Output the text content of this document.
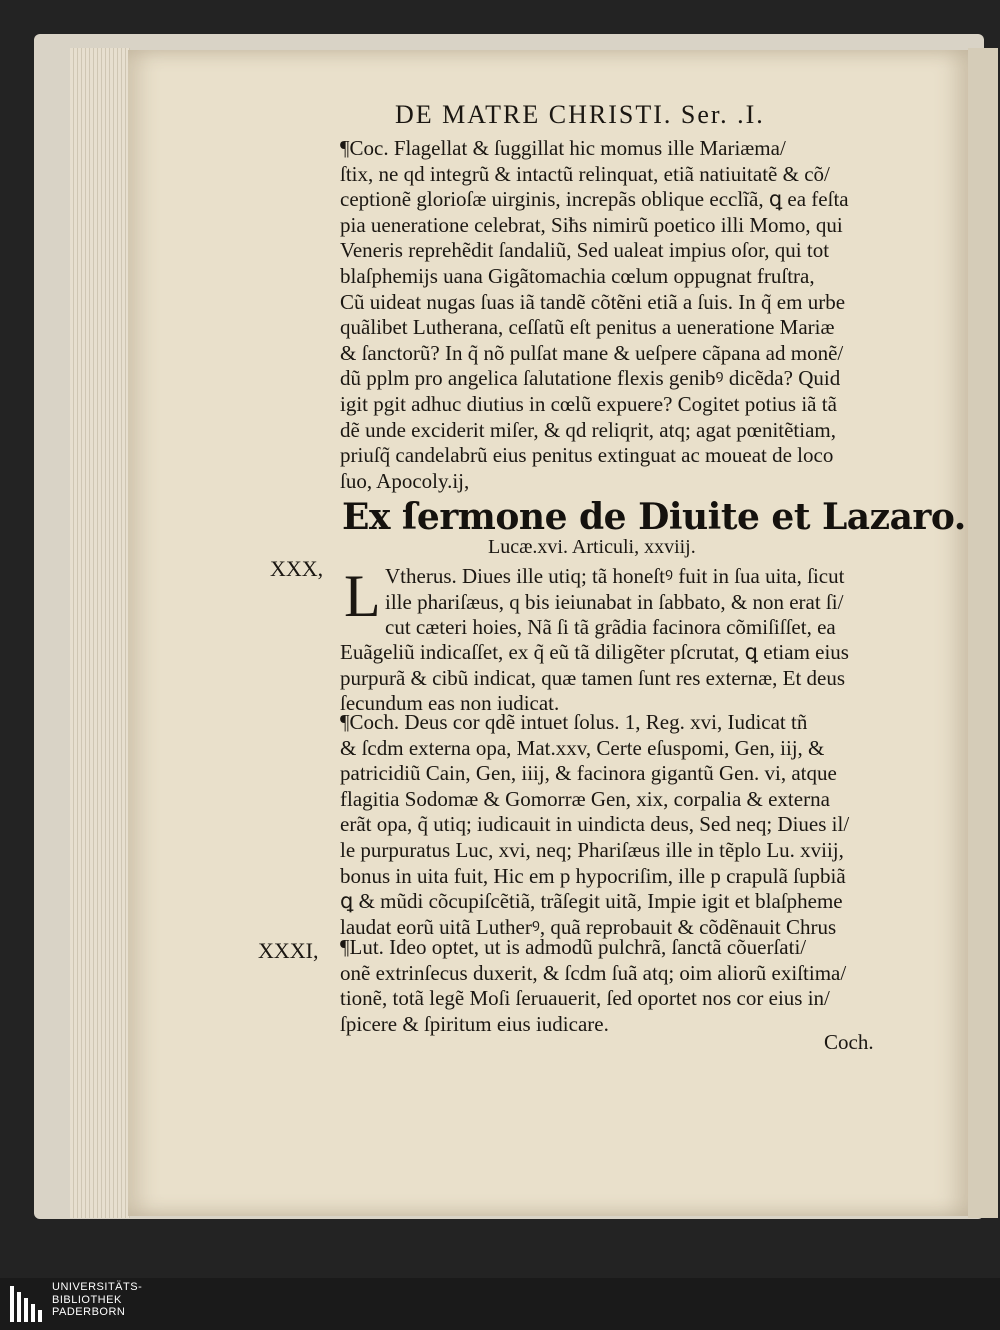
DE MATRE CHRISTI. Ser. .I.
¶Coc. Flagellat & ſuggillat hic momus ille Mariæma/
ſtix, ne qd integrũ & intactũ relinquat, etiã natiuitatẽ & cõ/
ceptionẽ glorioſæ uirginis, increpãs oblique ecclĩã, ꝗ ea feſta
pia ueneratione celebrat, Siħs nimirũ poetico illi Momo, qui
Veneris reprehẽdit ſandaliũ, Sed ualeat impius oſor, qui tot
blaſphemĳs uana Gigãtomachia cœlum oppugnat fruſtra,
Cũ uideat nugas ſuas iã tandẽ cõtẽni etiã a ſuis. In q̃ em urbe
quãlibet Lutherana, ceſſatũ eſt penitus a ueneratione Mariæ
& ſanctorũ? In q̃ nõ pulſat mane & ueſpere cãpana ad monẽ/
dũ pplm pro angelica ſalutatione flexis genibꝰ dicẽda? Quid
igit pgit adhuc diutius in cœlũ expuere? Cogitet potius iã tã
dẽ unde exciderit miſer, & qd reliqrit, atq; agat pœnitẽtiam,
priuſq̃ candelabrũ eius penitus extinguat ac moueat de loco
ſuo, Apocoly.ĳ,
Ex ſermone de Diuite et Lazaro.
Lucæ.xvi. Articuli, xxviĳ.
XXX, L Vtherus. Diues ille utiq; tã honeſtꝰ fuit in ſua uita, ſicut
ille phariſæus, q bis ieiunabat in ſabbato, & non erat ſi/
cut cæteri hoies, Nã ſi tã grãdia facinora cõmiſiſſet, ea
Euãgeliũ indicaſſet, ex q̃ eũ tã diligẽter pſcrutat, ꝗ etiam eius
purpurã & cibũ indicat, quæ tamen ſunt res externæ, Et deus
ſecundum eas non iudicat.
¶Coch. Deus cor qdẽ intuet ſolus. 1, Reg. xvi, Iudicat tñ
& ſcdm externa opa, Mat.xxv, Certe eſuspomi, Gen, iĳ, &
patricidiũ Cain, Gen, iiĳ, & facinora gigantũ Gen. vi, atque
flagitia Sodomæ & Gomorræ Gen, xix, corpalia & externa
erãt opa, q̃ utiq; iudicauit in uindicta deus, Sed neq; Diues il/
le purpuratus Luc, xvi, neq; Phariſæus ille in tẽplo Lu. xviĳ,
bonus in uita fuit, Hic em p hypocriſim, ille p crapulã ſupbiã
ꝗ & mũdi cõcupiſcẽtiã, trãſegit uitã, Impie igit et blaſpheme
laudat eorũ uitã Lutherꝰ, quã reprobauit & cõdẽnauit Chrus
XXXI, ¶Lut. Ideo optet, ut is admodũ pulchrã, ſanctã cõuerſati/
onẽ extrinſecus duxerit, & ſcdm ſuã atq; oim aliorũ exiſtima/
tionẽ, totã legẽ Moſi ſeruauerit, ſed oportet nos cor eius in/
ſpicere & ſpiritum eius iudicare.
Coch.
UNIVERSITÄTS-
BIBLIOTHEK
PADERBORN
